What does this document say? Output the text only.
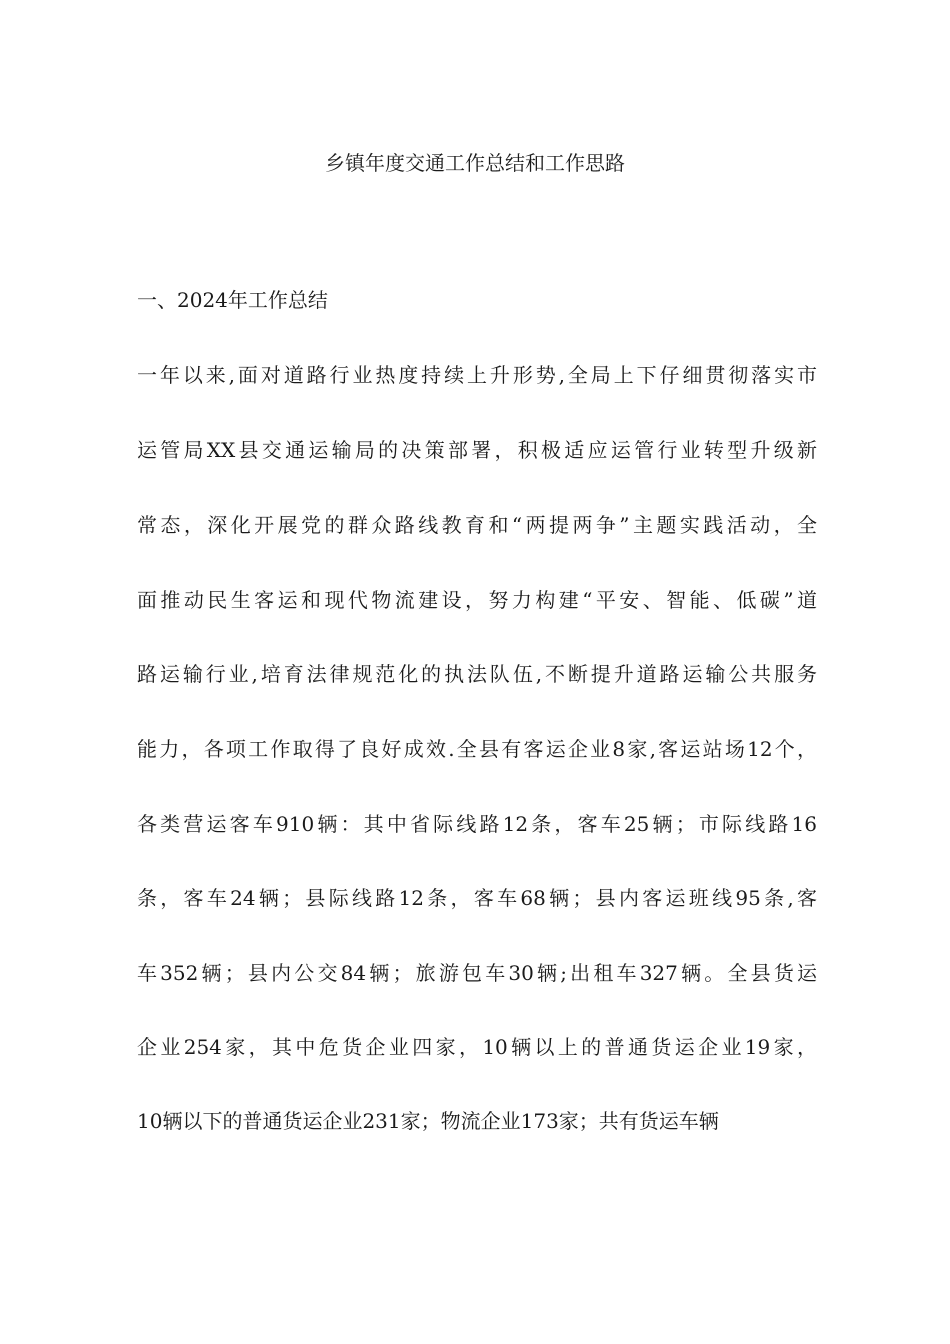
乡镇年度交通工作总结和工作思路
一、2024年工作总结
一年以来,面对道路行业热度持续上升形势,全局上下仔细贯彻落实市
运管局XX县交通运输局的决策部署，积极适应运管行业转型升级新
常态，深化开展党的群众路线教育和“两提两争”主题实践活动，全
面推动民生客运和现代物流建设，努力构建“平安、智能、低碳”道
路运输行业,培育法律规范化的执法队伍,不断提升道路运输公共服务
能力，各项工作取得了良好成效.全县有客运企业8家,客运站场12个，
各类营运客车910辆：其中省际线路12条，客车25辆；市际线路16
条，客车24辆；县际线路12条，客车68辆；县内客运班线95条,客
车352辆；县内公交84辆；旅游包车30辆;出租车327辆。全县货运
企业254家，其中危货企业四家，10辆以上的普通货运企业19家，
10辆以下的普通货运企业231家；物流企业173家；共有货运车辆
